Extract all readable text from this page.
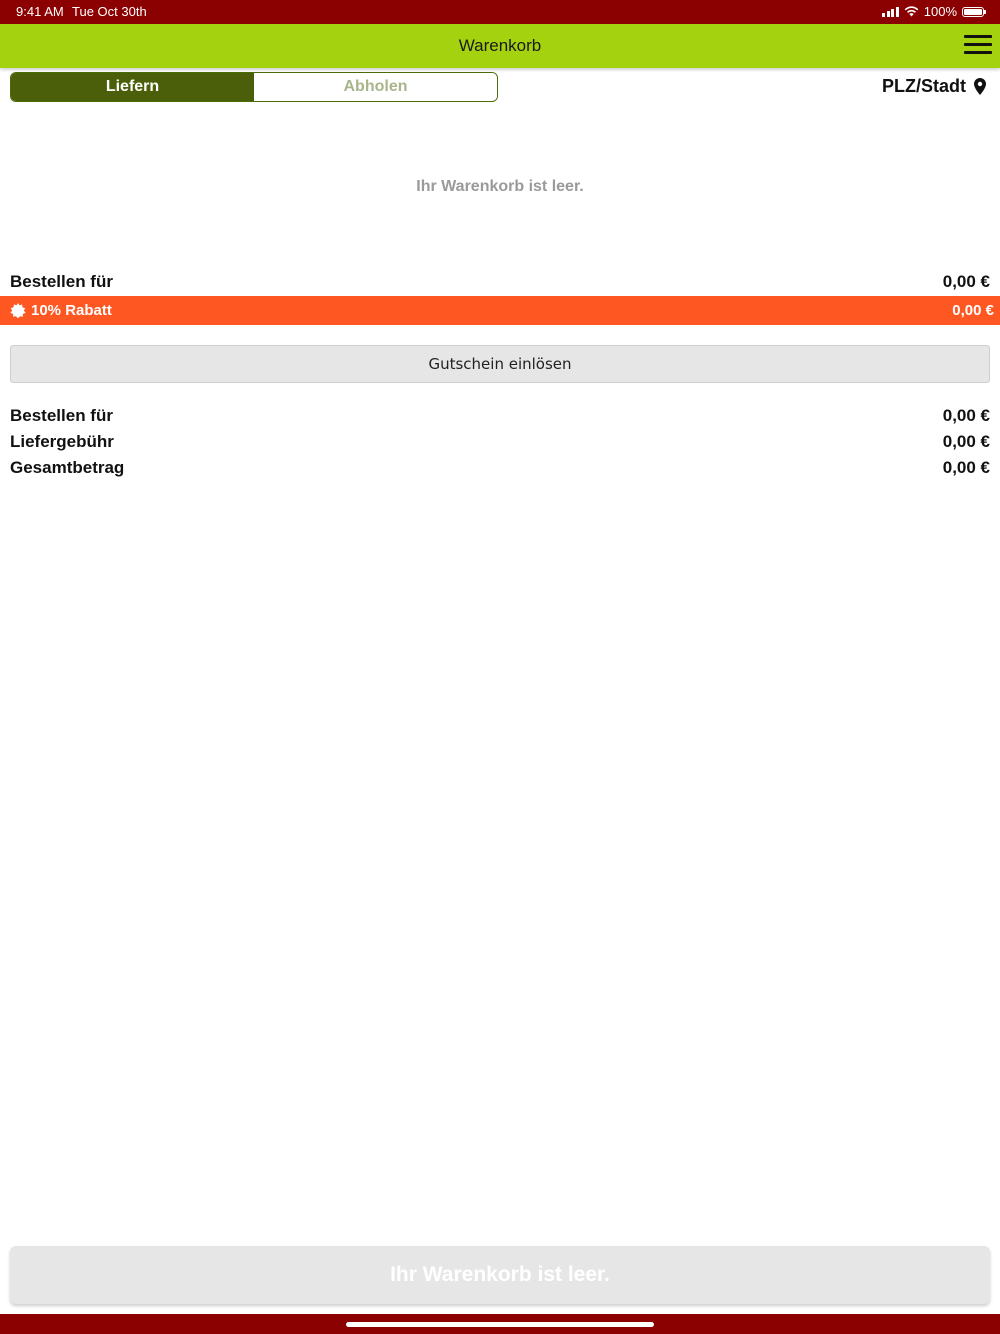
9:41 AM Tue Oct 30th	100%
Warenkorb
Liefern	Abholen	PLZ/Stadt
Ihr Warenkorb ist leer.
Bestellen für	0,00 €
10% Rabatt	0,00 €
Gutschein einlösen
Bestellen für	0,00 €
Liefergebühr	0,00 €
Gesamtbetrag	0,00 €
Ihr Warenkorb ist leer.
